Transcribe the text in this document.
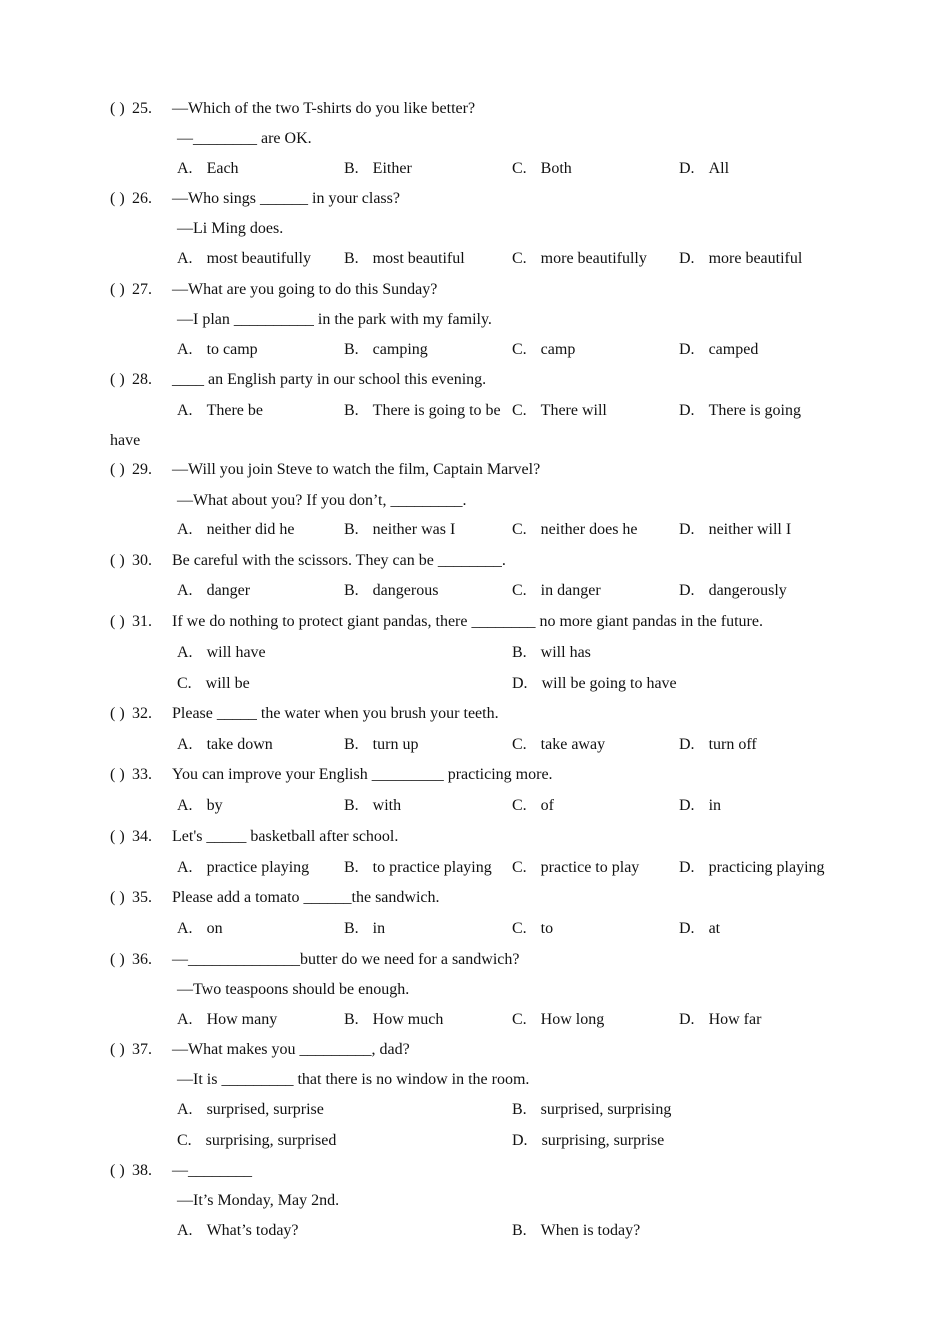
( ) 25. —Which of the two T-shirts do you like better?
—________ are OK.
A. Each	B. Either	C. Both	D. All
( ) 26. —Who sings ______ in your class?
—Li Ming does.
A. most beautifully B. most beautiful	C. more beautifully D. more beautiful
( ) 27. —What are you going to do this Sunday?
—I plan __________ in the park with my family.
A. to camp	B. camping	C. camp	D. camped
( ) 28. ____ an English party in our school this evening.
A. There be	B. There is going to be C. There will	D. There is going
have
( ) 29. —Will you join Steve to watch the film, Captain Marvel?
—What about you? If you don’t, _________.
A. neither did he	B. neither was I	C. neither does he	D. neither will I
( ) 30. Be careful with the scissors. They can be ________.
A. danger	B. dangerous	C. in danger	D. dangerously
( ) 31. If we do nothing to protect giant pandas, there ________ no more giant pandas in the future.
A. will have	B. will has
C. will be	D. will be going to have
( ) 32. Please _____ the water when you brush your teeth.
A. take down	B. turn up	C. take away	D. turn off
( ) 33. You can improve your English _________ practicing more.
A. by	B. with	C. of	D. in
( ) 34. Let's _____ basketball after school.
A. practice playing B. to practice playing C. practice to play D. practicing playing
( ) 35. Please add a tomato ______the sandwich.
A. on	B. in	C. to	D. at
( ) 36. —______________butter do we need for a sandwich?
—Two teaspoons should be enough.
A. How many	B. How much	C. How long	D. How far
( ) 37. —What makes you _________, dad?
—It is _________ that there is no window in the room.
A. surprised, surprise	B. surprised, surprising
C. surprising, surprised	D. surprising, surprise
( ) 38. —________
—It’s Monday, May 2nd.
A. What’s today?	B. When is today?
